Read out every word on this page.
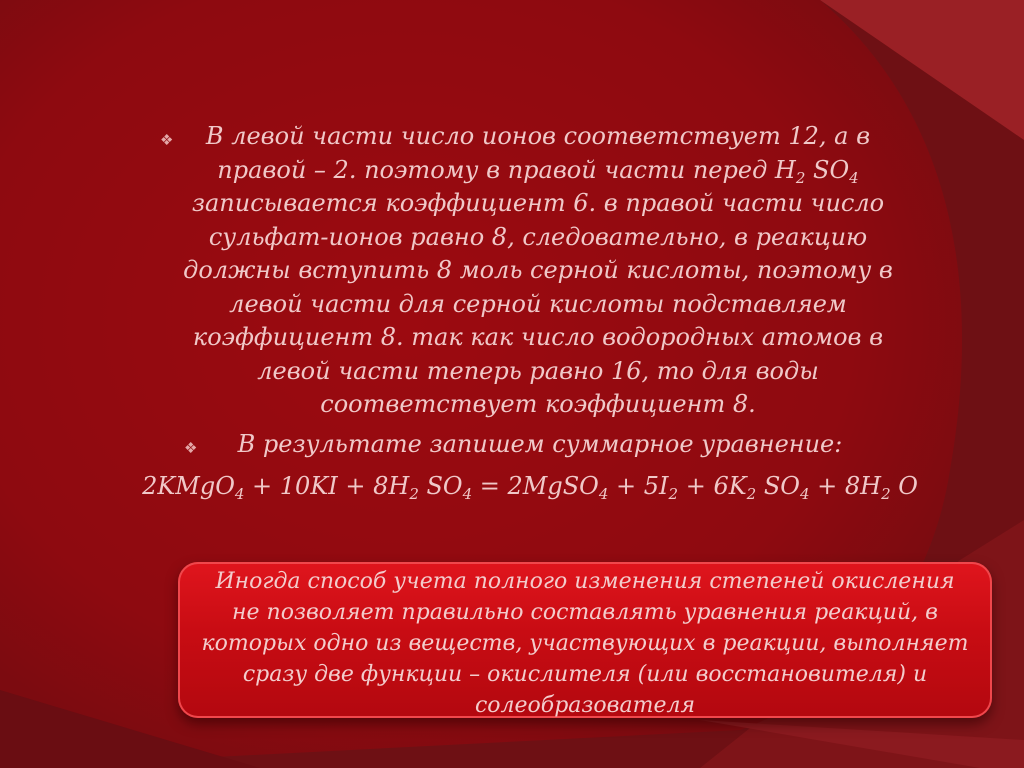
❖ В левой части число ионов соответствует 12, а в правой – 2. поэтому в правой части перед $H_2$ $SO_4$ записывается коэффициент 6. в правой части число сульфат-ионов равно 8, следовательно, в реакцию должны вступить 8 моль серной кислоты, поэтому в левой части для серной кислоты подставляем коэффициент 8. так как число водородных атомов в левой части теперь равно 16, то для воды соответствует коэффициент 8.
❖ В результате запишем суммарное уравнение:
2KMgO$_4$ + $10KI + 8H_2$ $SO_4$ = 2MgSO$_4$ + $5I_2 + 6K_2$ $SO_4 + 8H_2$ O
Иногда способ учета полного изменения степеней окисления не позволяет правильно составлять уравнения реакций, в которых одно из веществ, участвующих в реакции, выполняет сразу две функции – окислителя (или восстановителя) и солеобразователя
